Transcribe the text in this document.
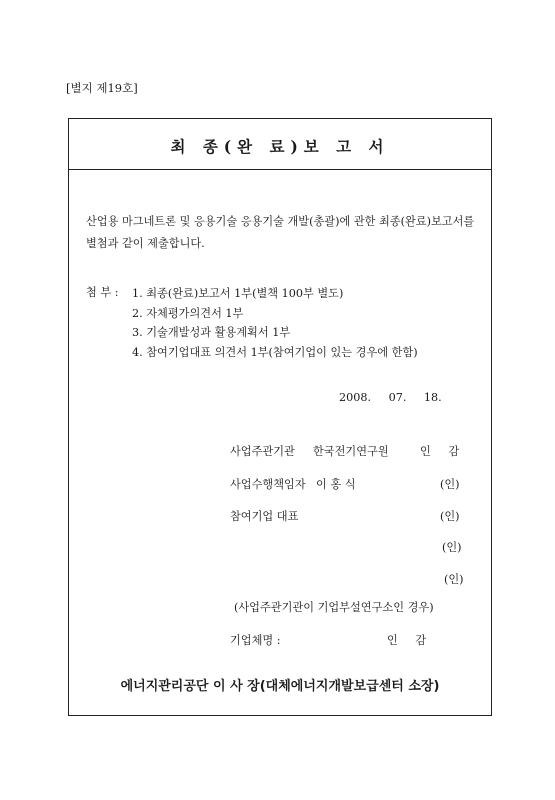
[별지 제19호]
최 종(완 료)보 고 서
산업용 마그네트론 및 응용기술 응용기술 개발(총괄)에 관한 최종(완료)보고서를 별첨과 같이 제출합니다.
첨 부 : 1. 최종(완료)보고서 1부(별책 100부 별도)
2. 자체평가의견서 1부
3. 기술개발성과 활용계획서 1부
4. 참여기업대표 의견서 1부(참여기업이 있는 경우에 한함)
2008. 07. 18.
사업주관기관 한국전기연구원	인 감
사업수행책임자 이 홍 식	(인)
참여기업 대표	(인)
(인)
(인)
(사업주관기관이 기업부설연구소인 경우)
기업체명 :	인 감
에너지관리공단 이 사 장(대체에너지개발보급센터 소장)
